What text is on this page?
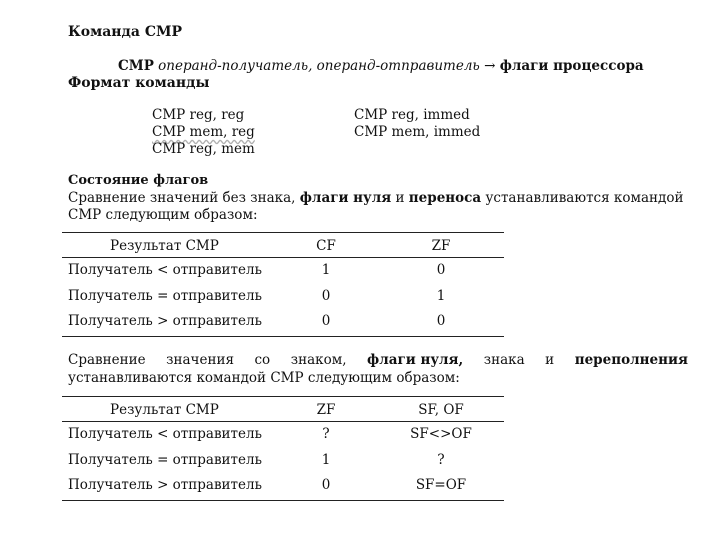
Команда CMP
CMP операнд-получатель, операнд-отправитель → флаги процессора
Формат команды
CMP reg, reg
CMP mem, reg
CMP reg, mem
CMP reg, immed
CMP mem, immed
Состояние флагов
Сравнение значений без знака, флаги нуля и переноса устанавливаются командой
CMP следующим образом:
Результат CMP	CF	ZF
Получатель < отправитель	1	0
Получатель = отправитель	0	1
Получатель > отправитель	0	0
Сравнение значения со знаком, флаги нуля, знака и переполнения
устанавливаются командой CMP следующим образом:
Результат CMP	ZF	SF, OF
Получатель < отправитель	?	SF<>OF
Получатель = отправитель	1	?
Получатель > отправитель	0	SF=OF
